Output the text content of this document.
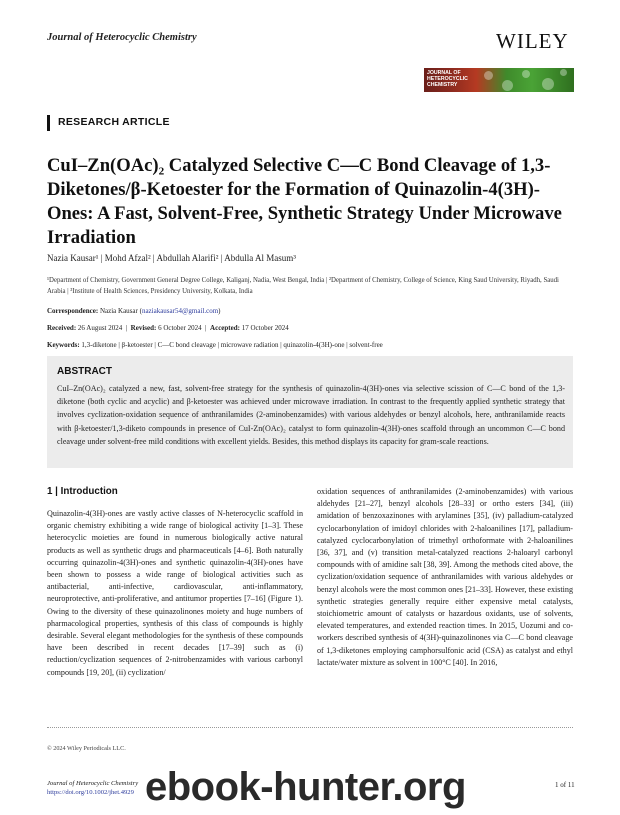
Journal of Heterocyclic Chemistry	WILEY
JOURNAL OF HETEROCYCLIC CHEMISTRY
RESEARCH ARTICLE
CuI–Zn(OAc)₂ Catalyzed Selective C—C Bond Cleavage of 1,3-Diketones/β-Ketoester for the Formation of Quinazolin-4(3H)-Ones: A Fast, Solvent-Free, Synthetic Strategy Under Microwave Irradiation
Nazia Kausar¹ | Mohd Afzal² | Abdullah Alarifi² | Abdulla Al Masum³
¹Department of Chemistry, Government General Degree College, Kaliganj, Nadia, West Bengal, India | ²Department of Chemistry, College of Science, King Saud University, Riyadh, Saudi Arabia | ³Institute of Health Sciences, Presidency University, Kolkata, India
Correspondence: Nazia Kausar (naziakausar54@gmail.com)
Received: 26 August 2024  |  Revised: 6 October 2024  |  Accepted: 17 October 2024
Keywords: 1,3-diketone | β-ketoester | C—C bond cleavage | microwave radiation | quinazolin-4(3H)-one | solvent-free
ABSTRACT
CuI–Zn(OAc)₂ catalyzed a new, fast, solvent-free strategy for the synthesis of quinazolin-4(3H)-ones via selective scission of C—C bond of the 1,3-diketone (both cyclic and acyclic) and β-ketoester was achieved under microwave irradiation. In contrast to the frequently applied synthetic strategy that involves cyclization-oxidation sequence of anthranilamides (2-aminobenzamides) with various aldehydes or benzyl alcohols, here, anthranilamide reacts with β-ketoester/1,3-diketo compounds in presence of CuI-Zn(OAc)₂ catalyst to form quinazolin-4(3H)-ones scaffold through an uncommon C—C bond cleavage under solvent-free mild conditions with excellent yields. Besides, this method displays its capacity for gram-scale reactions.
1 | Introduction
Quinazolin-4(3H)-ones are vastly active classes of N-heterocyclic scaffold in organic chemistry exhibiting a wide range of biological activity [1–3]. These heterocyclic moieties are found in numerous biologically active natural products as well as synthetic drugs and pharmaceuticals [4–6]. Both naturally occurring quinazolin-4(3H)-ones and synthetic quinazolin-4(3H)-ones have been shown to possess a wide range of biological activities such as antibacterial, anti-infective, cardiovascular, anti-inflammatory, neuroprotective, anti-proliferative, and antitumor properties [7–16] (Figure 1). Owing to the diversity of these quinazolinones moiety and huge numbers of pharmacological properties, synthesis of this class of compounds is highly desirable. Several elegant methodologies for the synthesis of these compounds have been described in recent decades [17–39] such as (i) reduction/cyclization sequences of 2-nitrobenzamides with various carbonyl compounds [19, 20], (ii) cyclization/
oxidation sequences of anthranilamides (2-aminobenzamides) with various aldehydes [21–27], benzyl alcohols [28–33] or ortho esters [34], (iii) amidation of benzoxazinones with arylamines [35], (iv) palladium-catalyzed cyclocarbonylation of imidoyl chlorides with 2-haloanilines [17], palladium- catalyzed cyclocarbonylation of trimethyl orthoformate with 2-haloanilines [36, 37], and (v) transition metal-catalyzed reactions 2-haloaryl carbonyl compounds with of amidine salt [38, 39]. Among the methods cited above, the cyclization/oxidation sequence of anthranilamides with various aldehydes or benzyl alcohols were the most common ones [21–33]. However, these existing synthetic strategies generally require either expensive metal catalysts, stoichiometric amount of catalysts or hazardous oxidants, use of solvents, elevated temperatures, and extended reaction times. In 2015, Uozumi and co-workers described synthesis of 4(3H)-quinazolinones via C—C bond cleavage of 1,3-diketones employing camphorsulfonic acid (CSA) as catalyst and ethyl lactate/water mixture as solvent in 100°C [40]. In 2016,
© 2024 Wiley Periodicals LLC.
Journal of Heterocyclic Chemistry
https://doi.org/10.1002/jhet.4929 ebook-hunter.org	1 of 11
